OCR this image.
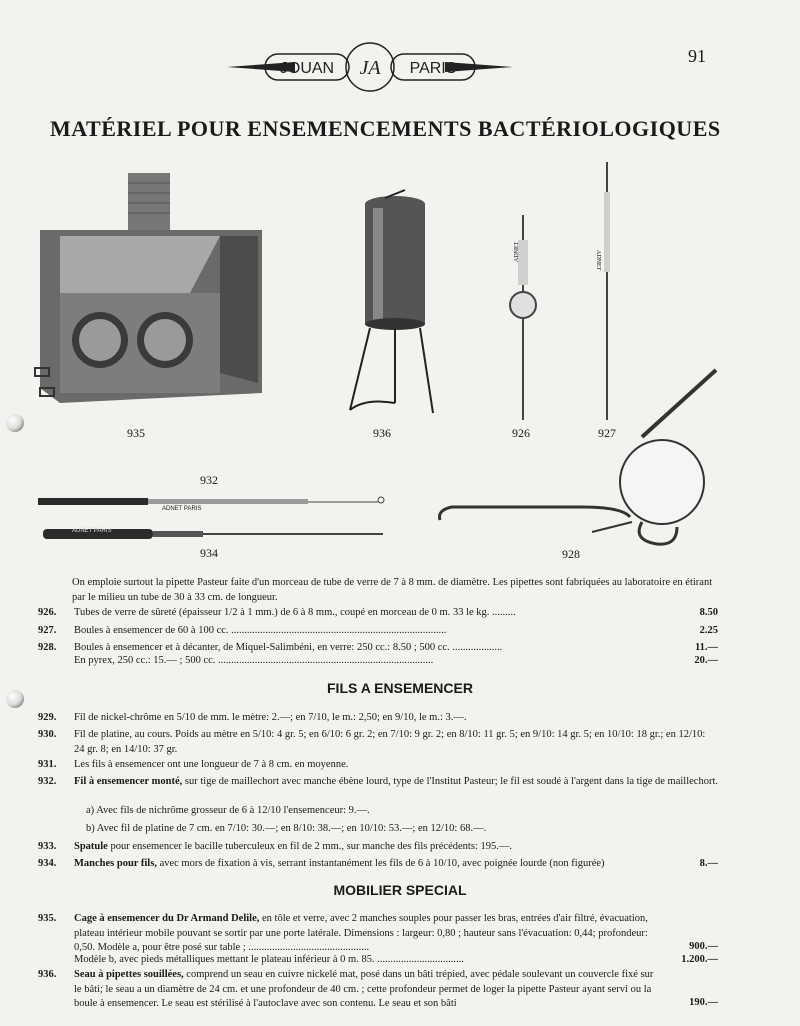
JOUAN JA PARIS
91
MATÉRIEL POUR ENSEMENCEMENTS BACTÉRIOLOGIQUES
935	936
ADNET
926
ADNET
927
932
ADNET PARIS
ADNET PARIS
934	928
On emploie surtout la pipette Pasteur faite d'un morceau de tube de verre de 7 à 8 mm. de diamètre. Les pipettes sont fabriquées au laboratoire en étirant par le milieu un tube de 30 à 33 cm. de longueur.
926.	Tubes de verre de sûreté (épaisseur 1/2 à 1 mm.) de 6 à 8 mm., coupé en morceau de 0 m. 33 le kg. .........	8.50
927.	Boules à ensemencer de 60 à 100 cc. ..................................................................................	2.25
928.	Boules à ensemencer et à décanter, de Miquel-Salimbéni, en verre: 250 cc.: 8.50 ; 500 cc. ...................	11.—
En pyrex, 250 cc.: 15.— ; 500 cc. ..................................................................................	20.—
FILS A ENSEMENCER
929.	Fil de nickel-chrôme en 5/10 de mm. le mètre: 2.—; en 7/10, le m.: 2,50; en 9/10, le m.: 3.—.
930.	Fil de platine, au cours. Poids au mètre en 5/10: 4 gr. 5; en 6/10: 6 gr. 2; en 7/10: 9 gr. 2; en 8/10: 11 gr. 5; en 9/10: 14 gr. 5; en 10/10: 18 gr.; en 12/10: 24 gr. 8; en 14/10: 37 gr.
931.	Les fils à ensemencer ont une longueur de 7 à 8 cm. en moyenne.
932.	Fil à ensemencer monté, sur tige de maillechort avec manche ébène lourd, type de l'Institut Pasteur; le fil est soudé à l'argent dans la tige de maillechort.
a) Avec fils de nichrôme grosseur de 6 à 12/10 l'ensemenceur: 9.—.
b) Avec fil de platine de 7 cm. en 7/10: 30.—; en 8/10: 38.—; en 10/10: 53.—; en 12/10: 68.—.
933.	Spatule pour ensemencer le bacille tuberculeux en fil de 2 mm., sur manche des fils précédents: 195.—.
934.	Manches pour fils, avec mors de fixation à vis, serrant instantanément les fils de 6 à 10/10, avec poignée lourde (non figurée)	8.—
MOBILIER SPECIAL
935.	Cage à ensemencer du Dr Armand Delile, en tôle et verre, avec 2 manches souples pour passer les bras, entrées d'air filtré, évacuation, plateau intérieur mobile pouvant se sortir par une porte latérale. Dimensions : largeur: 0,80 ; hauteur sans l'évacuation: 0,44; profondeur: 0,50. Modèle a, pour être posé sur table ; ..............................................	900.—
Modèle b, avec pieds métalliques mettant le plateau inférieur à 0 m. 85. .................................	1.200.—
936.	Seau à pipettes souillées, comprend un seau en cuivre nickelé mat, posé dans un bâti trépied, avec pédale soulevant un couvercle fixé sur le bâti; le seau a un diamètre de 24 cm. et une profondeur de 40 cm. ; cette profondeur permet de loger la pipette Pasteur ayant servi ou la boule à ensemencer. Le seau est stérilisé à l'autoclave avec son contenu. Le seau et son bâti	190.—
